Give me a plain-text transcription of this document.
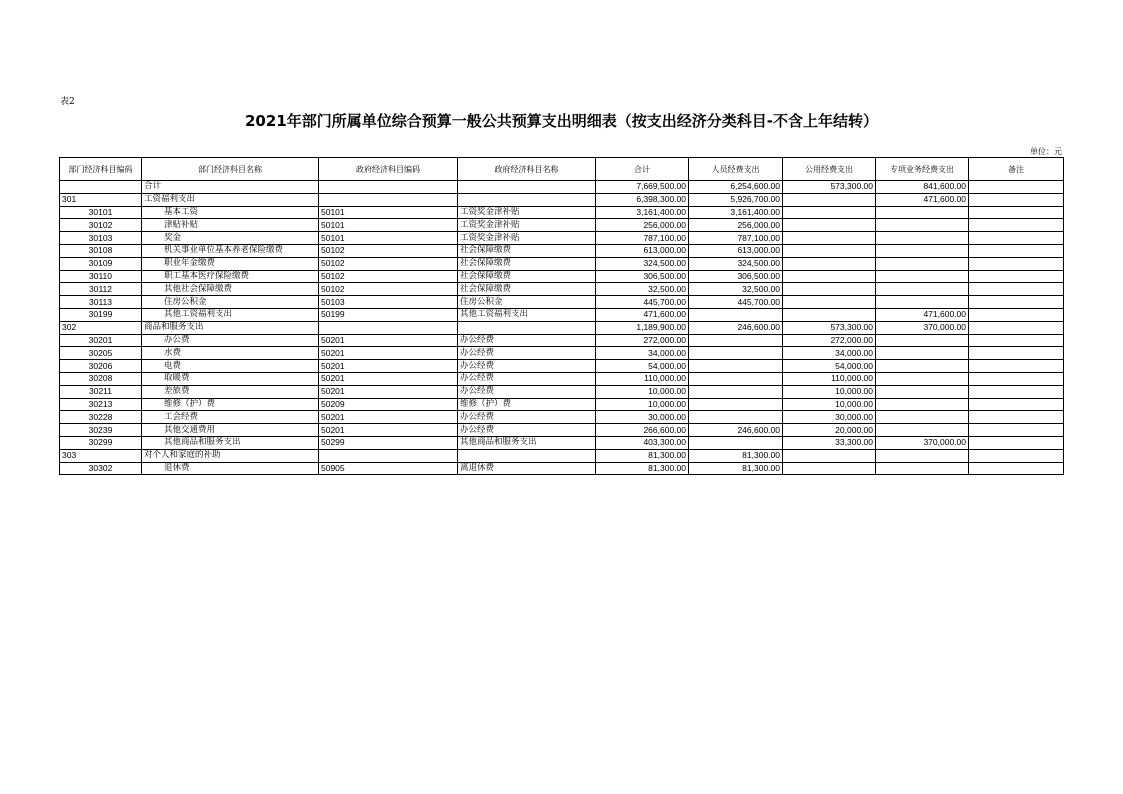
表2
2021年部门所属单位综合预算一般公共预算支出明细表（按支出经济分类科目-不含上年结转）
单位：元
部门经济科目编码	部门经济科目名称	政府经济科目编码	政府经济科目名称	合计	人员经费支出	公用经费支出	专项业务经费支出	备注
	合计			7,669,500.00	6,254,600.00	573,300.00	841,600.00	
301	工资福利支出			6,398,300.00	5,926,700.00		471,600.00	
30101	基本工资	50101	工资奖金津补贴	3,161,400.00	3,161,400.00			
30102	津贴补贴	50101	工资奖金津补贴	256,000.00	256,000.00			
30103	奖金	50101	工资奖金津补贴	787,100.00	787,100.00			
30108	机关事业单位基本养老保险缴费	50102	社会保障缴费	613,000.00	613,000.00			
30109	职业年金缴费	50102	社会保障缴费	324,500.00	324,500.00			
30110	职工基本医疗保险缴费	50102	社会保障缴费	306,500.00	306,500.00			
30112	其他社会保障缴费	50102	社会保障缴费	32,500.00	32,500.00			
30113	住房公积金	50103	住房公积金	445,700.00	445,700.00			
30199	其他工资福利支出	50199	其他工资福利支出	471,600.00			471,600.00	
302	商品和服务支出			1,189,900.00	246,600.00	573,300.00	370,000.00	
30201	办公费	50201	办公经费	272,000.00		272,000.00		
30205	水费	50201	办公经费	34,000.00		34,000.00		
30206	电费	50201	办公经费	54,000.00		54,000.00		
30208	取暖费	50201	办公经费	110,000.00		110,000.00		
30211	差旅费	50201	办公经费	10,000.00		10,000.00		
30213	维修（护）费	50209	维修（护）费	10,000.00		10,000.00		
30228	工会经费	50201	办公经费	30,000.00		30,000.00		
30239	其他交通费用	50201	办公经费	266,600.00	246,600.00	20,000.00		
30299	其他商品和服务支出	50299	其他商品和服务支出	403,300.00		33,300.00	370,000.00	
303	对个人和家庭的补助			81,300.00	81,300.00			
30302	退休费	50905	离退休费	81,300.00	81,300.00			
